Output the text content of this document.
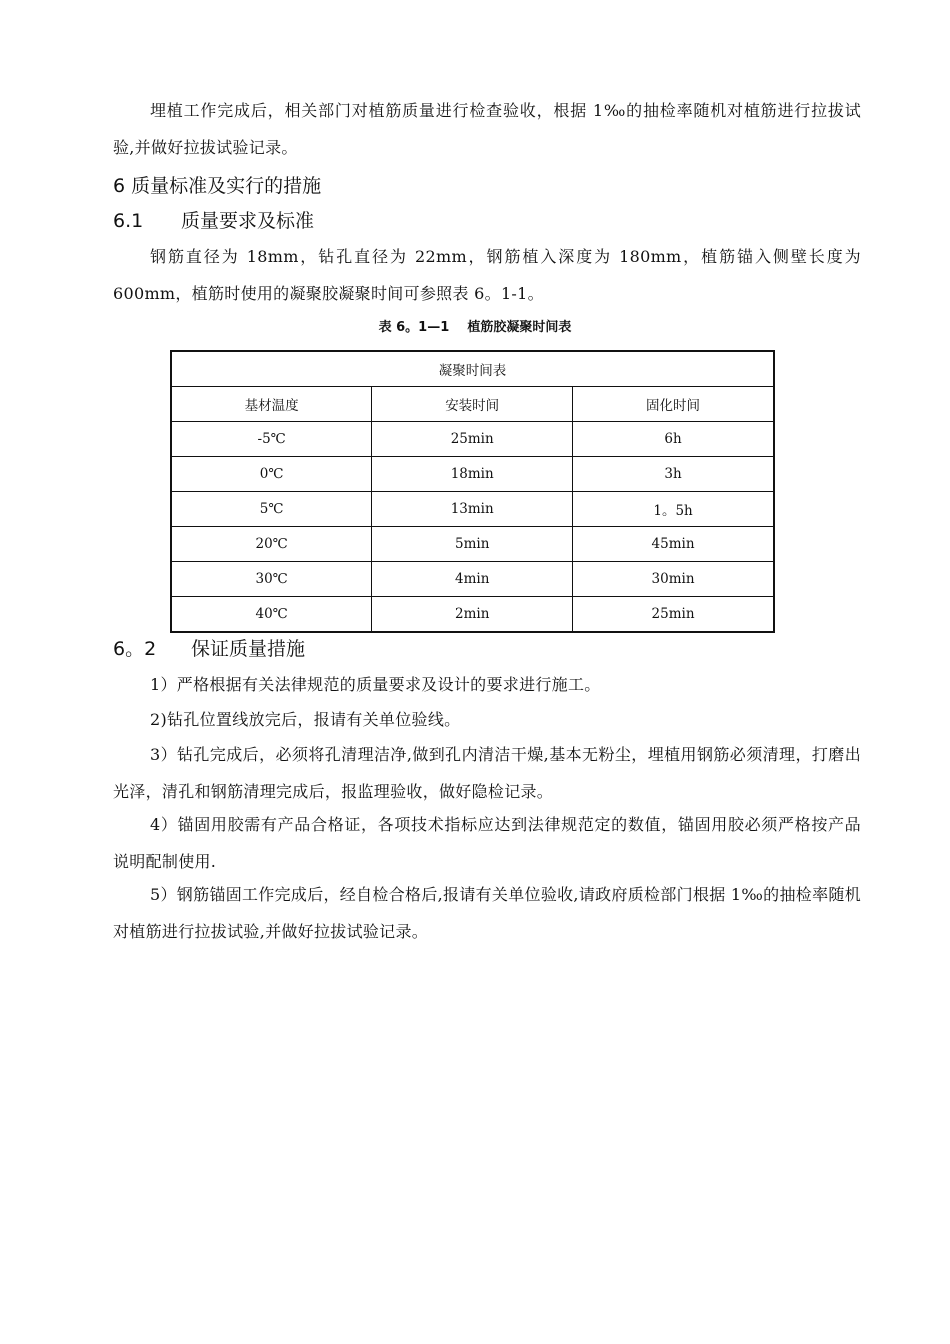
埋植工作完成后，相关部门对植筋质量进行检查验收，根据 1‰的抽检率随机对植筋进行拉拔试验,并做好拉拔试验记录。

6 质量标准及实行的措施
6.1 质量要求及标准

钢筋直径为 18mm，钻孔直径为 22mm，钢筋植入深度为 180mm，植筋锚入侧壁长度为 600mm，植筋时使用的凝聚胶凝聚时间可参照表 6。1-1。

表 6。1—1 植筋胶凝聚时间表
凝聚时间表		
基材温度	安装时间	固化时间
-5℃	25min	6h
0℃	18min	3h
5℃	13min	1。5h
20℃	5min	45min
30℃	4min	30min
40℃	2min	25min
6。2 保证质量措施

1）严格根据有关法律规范的质量要求及设计的要求进行施工。

2)钻孔位置线放完后，报请有关单位验线。

3）钻孔完成后，必须将孔清理洁净,做到孔内清洁干燥,基本无粉尘，埋植用钢筋必须清理，打磨出光泽，清孔和钢筋清理完成后，报监理验收，做好隐检记录。

4）锚固用胶需有产品合格证，各项技术指标应达到法律规范定的数值，锚固用胶必须严格按产品说明配制使用.

5）钢筋锚固工作完成后，经自检合格后,报请有关单位验收,请政府质检部门根据 1‰的抽检率随机对植筋进行拉拔试验,并做好拉拔试验记录。
